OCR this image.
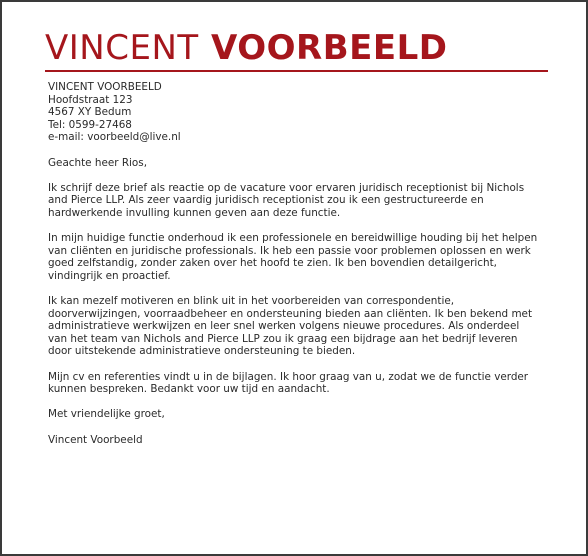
VINCENT VOORBEELD
VINCENT VOORBEELD
Hoofdstraat 123
4567 XY Bedum
Tel: 0599-27468
e-mail: voorbeeld@live.nl

Geachte heer Rios,

Ik schrijf deze brief als reactie op de vacature voor ervaren juridisch receptionist bij Nichols and Pierce LLP. Als zeer vaardig juridisch receptionist zou ik een gestructureerde en hardwerkende invulling kunnen geven aan deze functie.

In mijn huidige functie onderhoud ik een professionele en bereidwillige houding bij het helpen van cliënten en juridische professionals. Ik heb een passie voor problemen oplossen en werk goed zelfstandig, zonder zaken over het hoofd te zien. Ik ben bovendien detailgericht, vindingrijk en proactief.

Ik kan mezelf motiveren en blink uit in het voorbereiden van correspondentie, doorverwijzingen, voorraadbeheer en ondersteuning bieden aan cliënten. Ik ben bekend met administratieve werkwijzen en leer snel werken volgens nieuwe procedures. Als onderdeel van het team van Nichols and Pierce LLP zou ik graag een bijdrage aan het bedrijf leveren door uitstekende administratieve ondersteuning te bieden.

Mijn cv en referenties vindt u in de bijlagen. Ik hoor graag van u, zodat we de functie verder kunnen bespreken. Bedankt voor uw tijd en aandacht.

Met vriendelijke groet,

Vincent Voorbeeld
